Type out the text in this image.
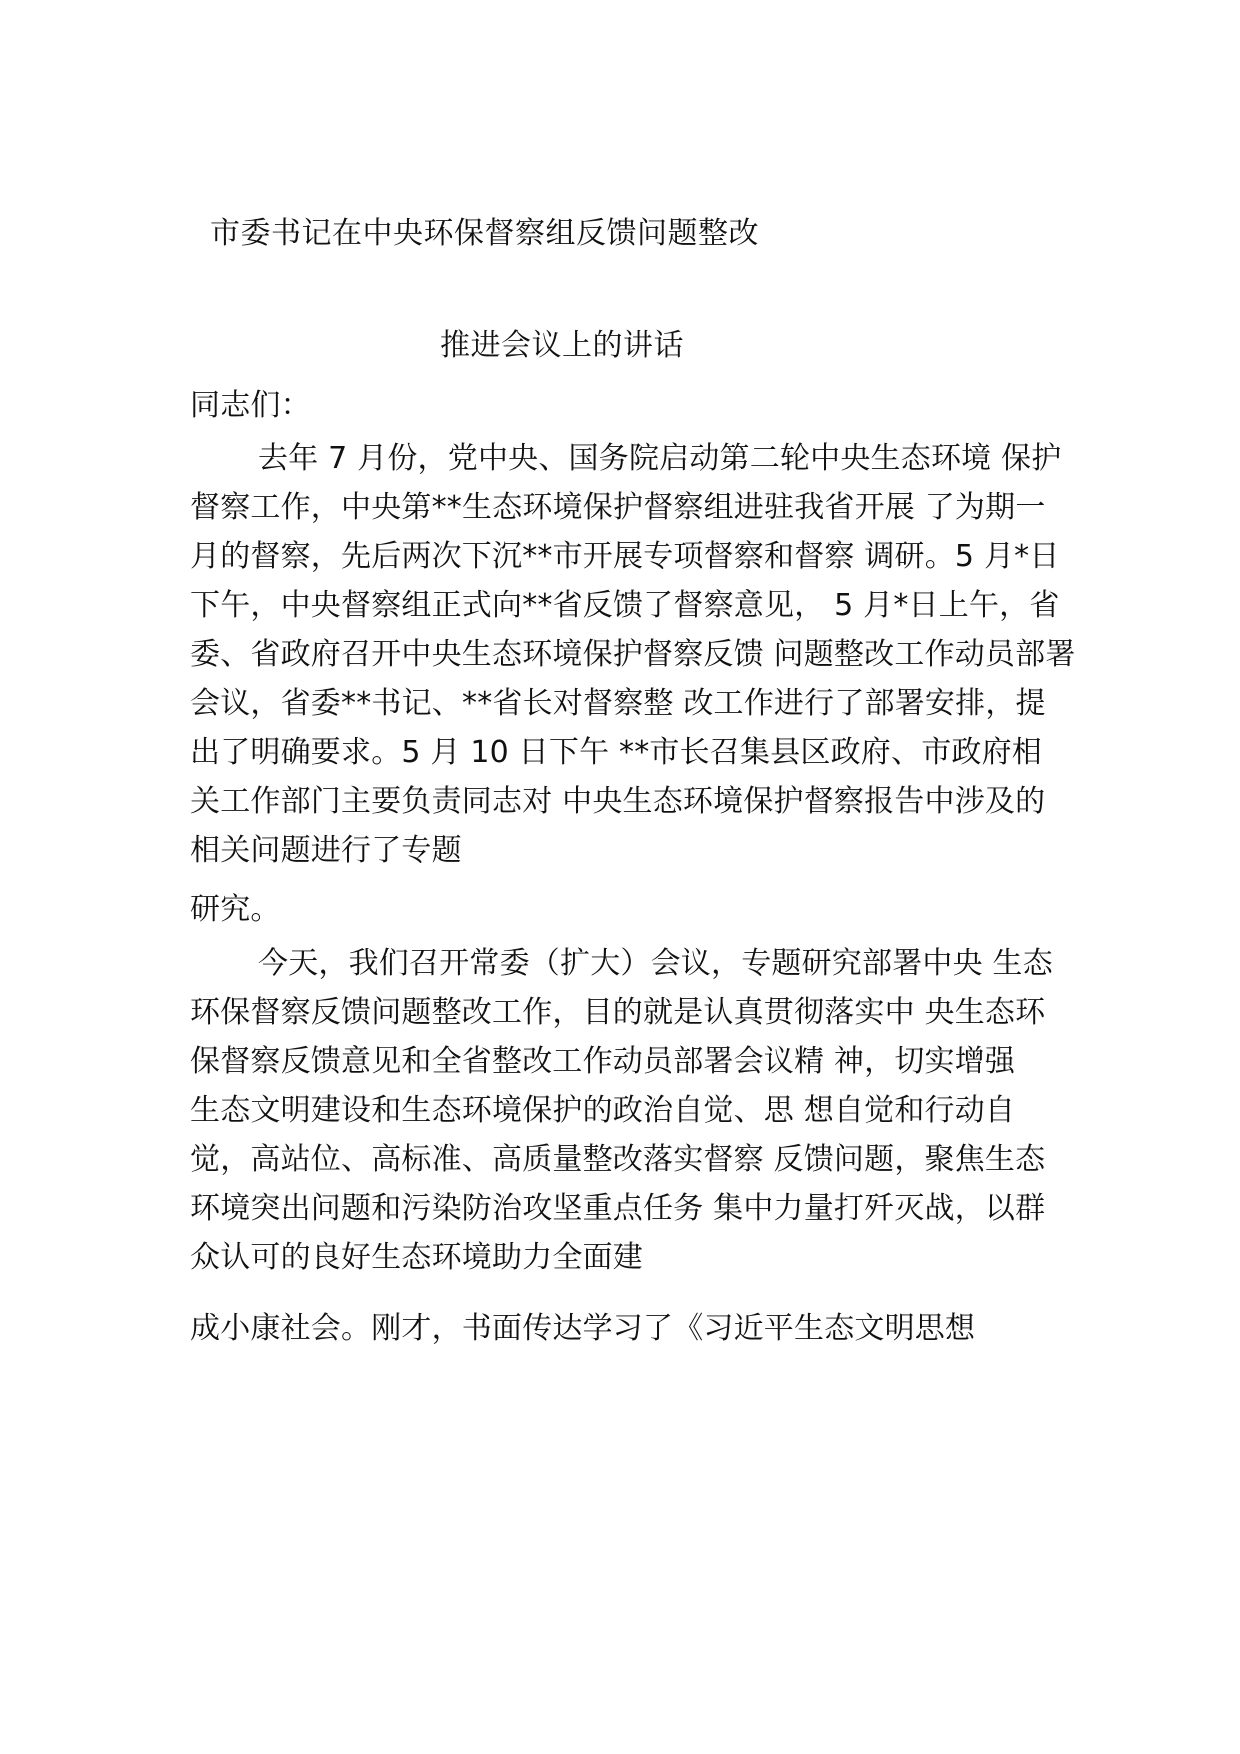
市委书记在中央环保督察组反馈问题整改
推进会议上的讲话
同志们：
去年 7 月份，党中央、国务院启动第二轮中央生态环境 保护
督察工作，中央第**生态环境保护督察组进驻我省开展 了为期一
月的督察，先后两次下沉**市开展专项督察和督察 调研。5 月*日
下午，中央督察组正式向**省反馈了督察意见， 5 月*日上午，省
委、省政府召开中央生态环境保护督察反馈 问题整改工作动员部署
会议，省委**书记、**省长对督察整 改工作进行了部署安排，提
出了明确要求。5 月 10 日下午 **市长召集县区政府、市政府相
关工作部门主要负责同志对 中央生态环境保护督察报告中涉及的
相关问题进行了专题
研究。
今天，我们召开常委（扩大）会议，专题研究部署中央 生态
环保督察反馈问题整改工作，目的就是认真贯彻落实中 央生态环
保督察反馈意见和全省整改工作动员部署会议精 神，切实增强
生态文明建设和生态环境保护的政治自觉、思 想自觉和行动自
觉，高站位、高标准、高质量整改落实督察 反馈问题，聚焦生态
环境突出问题和污染防治攻坚重点任务 集中力量打歼灭战，以群
众认可的良好生态环境助力全面建
成小康社会。刚才，书面传达学习了《习近平生态文明思想
